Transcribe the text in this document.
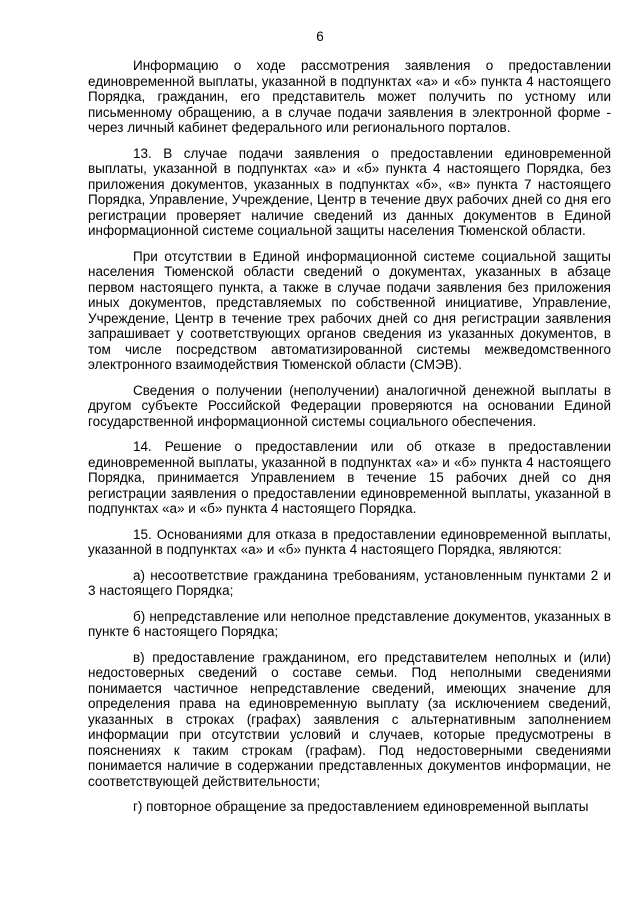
6

Информацию о ходе рассмотрения заявления о предоставлении единовременной выплаты, указанной в подпунктах «а» и «б» пункта 4 настоящего Порядка, гражданин, его представитель может получить по устному или письменному обращению, а в случае подачи заявления в электронной форме - через личный кабинет федерального или регионального порталов.

13. В случае подачи заявления о предоставлении единовременной выплаты, указанной в подпунктах «а» и «б» пункта 4 настоящего Порядка, без приложения документов, указанных в подпунктах «б», «в» пункта 7 настоящего Порядка, Управление, Учреждение, Центр в течение двух рабочих дней со дня его регистрации проверяет наличие сведений из данных документов в Единой информационной системе социальной защиты населения Тюменской области.

При отсутствии в Единой информационной системе социальной защиты населения Тюменской области сведений о документах, указанных в абзаце первом настоящего пункта, а также в случае подачи заявления без приложения иных документов, представляемых по собственной инициативе, Управление, Учреждение, Центр в течение трех рабочих дней со дня регистрации заявления запрашивает у соответствующих органов сведения из указанных документов, в том числе посредством автоматизированной системы межведомственного электронного взаимодействия Тюменской области (СМЭВ).

Сведения о получении (неполучении) аналогичной денежной выплаты в другом субъекте Российской Федерации проверяются на основании Единой государственной информационной системы социального обеспечения.

14. Решение о предоставлении или об отказе в предоставлении единовременной выплаты, указанной в подпунктах «а» и «б» пункта 4 настоящего Порядка, принимается Управлением в течение 15 рабочих дней со дня регистрации заявления о предоставлении единовременной выплаты, указанной в подпунктах «а» и «б» пункта 4 настоящего Порядка.

15. Основаниями для отказа в предоставлении единовременной выплаты, указанной в подпунктах «а» и «б» пункта 4 настоящего Порядка, являются:

а) несоответствие гражданина требованиям, установленным пунктами 2 и 3 настоящего Порядка;

б) непредставление или неполное представление документов, указанных в пункте 6 настоящего Порядка;

в) предоставление гражданином, его представителем неполных и (или) недостоверных сведений о составе семьи. Под неполными сведениями понимается частичное непредставление сведений, имеющих значение для определения права на единовременную выплату (за исключением сведений, указанных в строках (графах) заявления с альтернативным заполнением информации при отсутствии условий и случаев, которые предусмотрены в пояснениях к таким строкам (графам). Под недостоверными сведениями понимается наличие в содержании представленных документов информации, не соответствующей действительности;

г) повторное обращение за предоставлением единовременной выплаты
